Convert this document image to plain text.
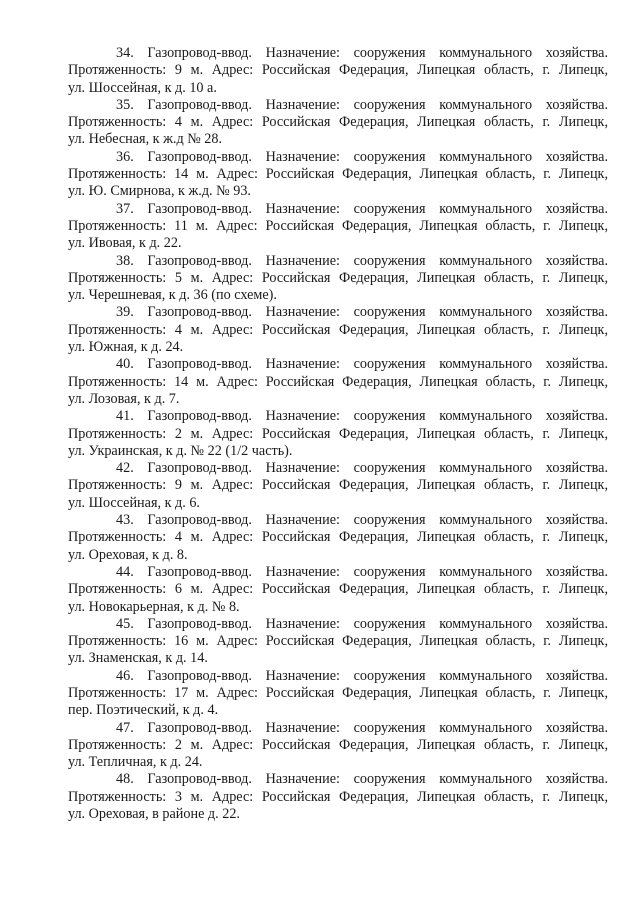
34. Газопровод-ввод. Назначение: сооружения коммунального хозяйства.
Протяженность: 9 м. Адрес: Российская Федерация, Липецкая область, г. Липецк,
ул. Шоссейная, к д. 10 а.

35. Газопровод-ввод. Назначение: сооружения коммунального хозяйства.
Протяженность: 4 м. Адрес: Российская Федерация, Липецкая область, г. Липецк,
ул. Небесная, к ж.д № 28.

36. Газопровод-ввод. Назначение: сооружения коммунального хозяйства.
Протяженность: 14 м. Адрес: Российская Федерация, Липецкая область, г. Липецк,
ул. Ю. Смирнова, к ж.д. № 93.

37. Газопровод-ввод. Назначение: сооружения коммунального хозяйства.
Протяженность: 11 м. Адрес: Российская Федерация, Липецкая область, г. Липецк,
ул. Ивовая, к д. 22.

38. Газопровод-ввод. Назначение: сооружения коммунального хозяйства.
Протяженность: 5 м. Адрес: Российская Федерация, Липецкая область, г. Липецк,
ул. Черешневая, к д. 36 (по схеме).

39. Газопровод-ввод. Назначение: сооружения коммунального хозяйства.
Протяженность: 4 м. Адрес: Российская Федерация, Липецкая область, г. Липецк,
ул. Южная, к д. 24.

40. Газопровод-ввод. Назначение: сооружения коммунального хозяйства.
Протяженность: 14 м. Адрес: Российская Федерация, Липецкая область, г. Липецк,
ул. Лозовая, к д. 7.

41. Газопровод-ввод. Назначение: сооружения коммунального хозяйства.
Протяженность: 2 м. Адрес: Российская Федерация, Липецкая область, г. Липецк,
ул. Украинская, к д. № 22 (1/2 часть).

42. Газопровод-ввод. Назначение: сооружения коммунального хозяйства.
Протяженность: 9 м. Адрес: Российская Федерация, Липецкая область, г. Липецк,
ул. Шоссейная, к д. 6.

43. Газопровод-ввод. Назначение: сооружения коммунального хозяйства.
Протяженность: 4 м. Адрес: Российская Федерация, Липецкая область, г. Липецк,
ул. Ореховая, к д. 8.

44. Газопровод-ввод. Назначение: сооружения коммунального хозяйства.
Протяженность: 6 м. Адрес: Российская Федерация, Липецкая область, г. Липецк,
ул. Новокарьерная, к д. № 8.

45. Газопровод-ввод. Назначение: сооружения коммунального хозяйства.
Протяженность: 16 м. Адрес: Российская Федерация, Липецкая область, г. Липецк,
ул. Знаменская, к д. 14.

46. Газопровод-ввод. Назначение: сооружения коммунального хозяйства.
Протяженность: 17 м. Адрес: Российская Федерация, Липецкая область, г. Липецк,
пер. Поэтический, к д. 4.

47. Газопровод-ввод. Назначение: сооружения коммунального хозяйства.
Протяженность: 2 м. Адрес: Российская Федерация, Липецкая область, г. Липецк,
ул. Тепличная, к д. 24.

48. Газопровод-ввод. Назначение: сооружения коммунального хозяйства.
Протяженность: 3 м. Адрес: Российская Федерация, Липецкая область, г. Липецк,
ул. Ореховая, в районе д. 22.
